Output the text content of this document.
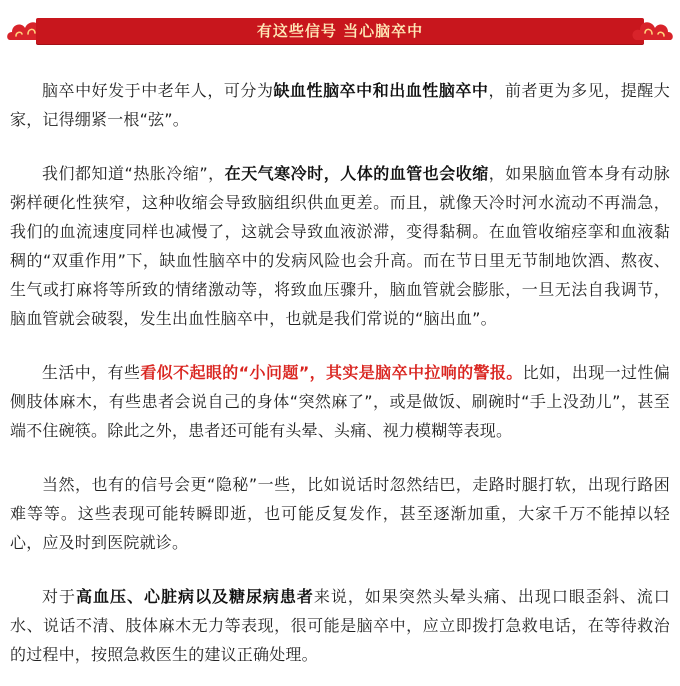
有这些信号 当心脑卒中

脑卒中好发于中老年人，可分为缺血性脑卒中和出血性脑卒中，前者更为多见，提醒大家，记得绷紧一根“弦”。

我们都知道“热胀冷缩”，在天气寒冷时，人体的血管也会收缩，如果脑血管本身有动脉粥样硬化性狭窄，这种收缩会导致脑组织供血更差。而且，就像天冷时河水流动不再湍急，我们的血流速度同样也减慢了，这就会导致血液淤滞，变得黏稠。在血管收缩痉挛和血液黏稠的“双重作用”下，缺血性脑卒中的发病风险也会升高。而在节日里无节制地饮酒、熬夜、生气或打麻将等所致的情绪激动等，将致血压骤升，脑血管就会膨胀，一旦无法自我调节，脑血管就会破裂，发生出血性脑卒中，也就是我们常说的“脑出血”。

生活中，有些看似不起眼的“小问题”，其实是脑卒中拉响的警报。比如，出现一过性偏侧肢体麻木，有些患者会说自己的身体“突然麻了”，或是做饭、刷碗时“手上没劲儿”，甚至端不住碗筷。除此之外，患者还可能有头晕、头痛、视力模糊等表现。

当然，也有的信号会更“隐秘”一些，比如说话时忽然结巴，走路时腿打软，出现行路困难等等。这些表现可能转瞬即逝，也可能反复发作，甚至逐渐加重，大家千万不能掉以轻心，应及时到医院就诊。

对于高血压、心脏病以及糖尿病患者来说，如果突然头晕头痛、出现口眼歪斜、流口水、说话不清、肢体麻木无力等表现，很可能是脑卒中，应立即拨打急救电话，在等待救治的过程中，按照急救医生的建议正确处理。
